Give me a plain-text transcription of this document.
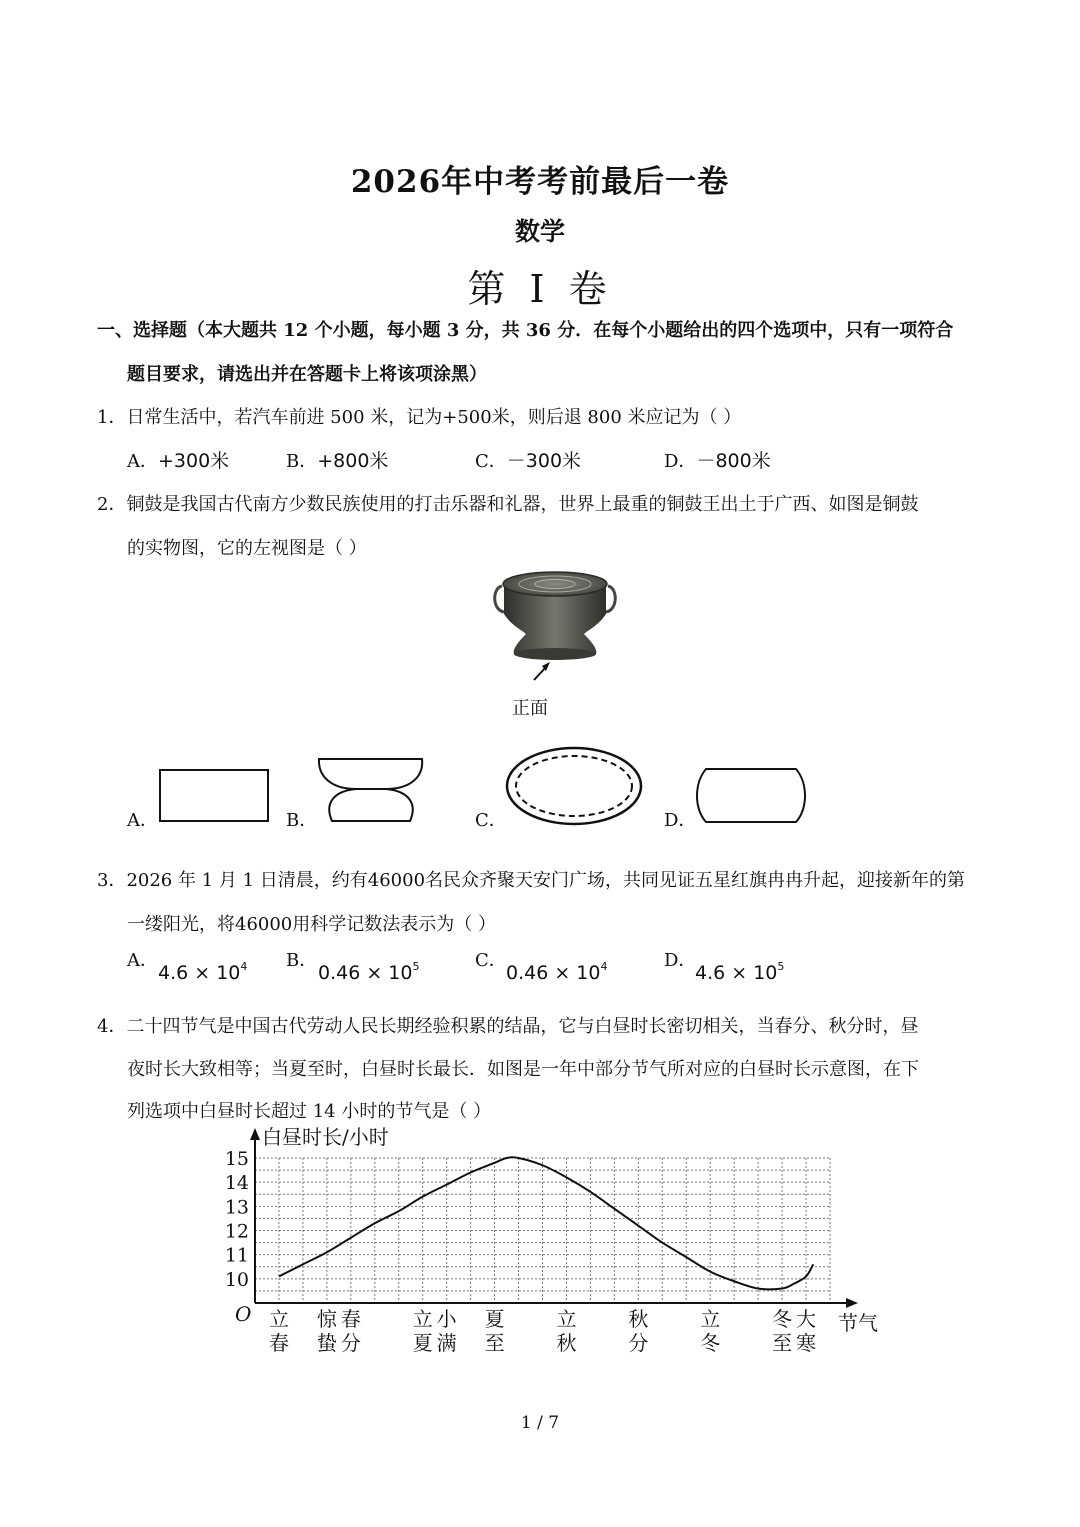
2026年中考考前最后一卷
数学
第 I 卷
一、选择题（本大题共 12 个小题，每小题 3 分，共 36 分．在每个小题给出的四个选项中，只有一项符合
题目要求，请选出并在答题卡上将该项涂黑）
1．日常生活中，若汽车前进 500 米，记为+500米，则后退 800 米应记为（ ）
A．+300米	B．+800米	C．－300米	D．－800米
2．铜鼓是我国古代南方少数民族使用的打击乐器和礼器，世界上最重的铜鼓王出土于广西、如图是铜鼓
的实物图，它的左视图是（ ）
正面
A．	B．	C．	D．
3．2026 年 1 月 1 日清晨，约有46000名民众齐聚天安门广场，共同见证五星红旗冉冉升起，迎接新年的第
一缕阳光，将46000用科学记数法表示为（ ）
A．
$4.6 \times 10^4$ B．
$0.46 \times 10^5$	C．
$0.46 \times 10^4$	D．
$4.6 \times 10^5$
4．二十四节气是中国古代劳动人民长期经验积累的结晶，它与白昼时长密切相关，当春分、秋分时，昼
夜时长大致相等；当夏至时，白昼时长最长．如图是一年中部分节气所对应的白昼时长示意图，在下
列选项中白昼时长超过 14 小时的节气是（ ）
10
11
12
13
14
15
O
白昼时长/小时
节气
立
春
惊
蛰
春
分
立
夏
小
满
夏
至
立
秋
秋
分
立
冬
冬
至
大
寒
1 / 7
